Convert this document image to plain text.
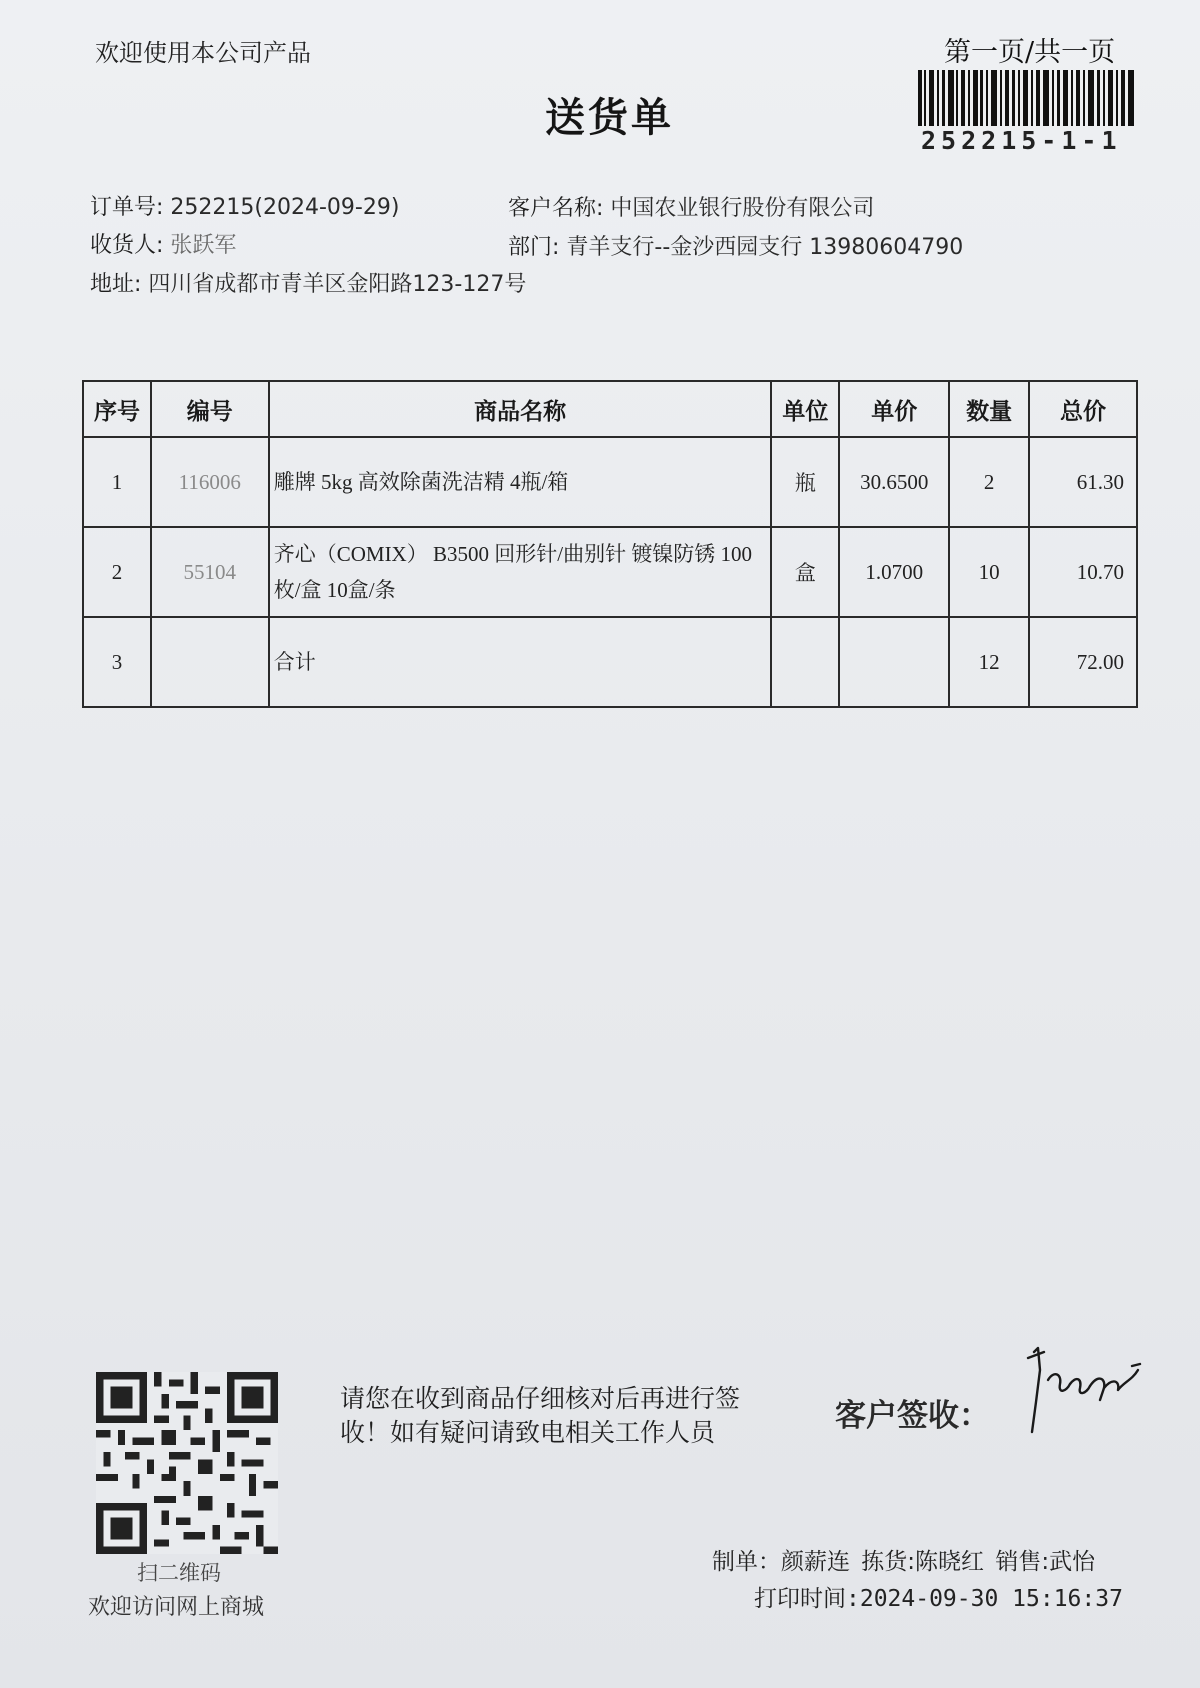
欢迎使用本公司产品	第一页/共一页
送货单	252215-1-1
订单号: 252215(2024-09-29)
收货人: 张跃军
地址: 四川省成都市青羊区金阳路123-127号
客户名称: 中国农业银行股份有限公司
部门: 青羊支行--金沙西园支行 13980604790
序号	编号	商品名称	单位	单价	数量	总价
1	116006	雕牌 5kg 高效除菌洗洁精 4瓶/箱	瓶	30.6500	2	61.30
2	55104	齐心（COMIX） B3500 回形针/曲别针 镀镍防锈 100枚/盒 10盒/条	盒	1.0700	10	10.70
3		合计			12	72.00
扫二维码
欢迎访问网上商城
请您在收到商品仔细核对后再进行签收！如有疑问请致电相关工作人员	客户签收：
制单：颜薪连 拣货:陈晓红 销售:武怡
打印时间:2024-09-30 15:16:37
